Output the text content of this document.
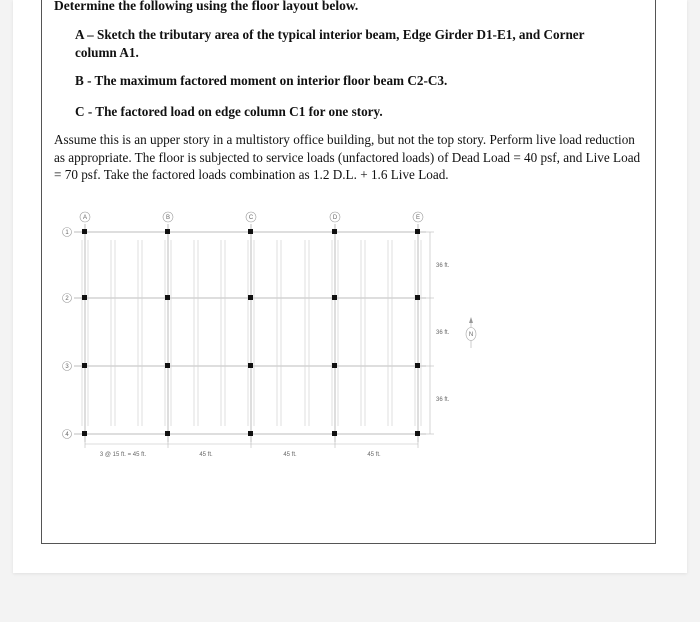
Determine the following using the floor layout below.
A – Sketch the tributary area of the typical interior beam, Edge Girder D1-E1, and Corner column A1.
B - The maximum factored moment on interior floor beam C2-C3.
C - The factored load on edge column C1 for one story.
Assume this is an upper story in a multistory office building, but not the top story. Perform live load reduction as appropriate. The floor is subjected to service loads (unfactored loads) of Dead Load = 40 psf, and Live Load = 70 psf. Take the factored loads combination as 1.2 D.L. + 1.6 Live Load.
A	B	C	D	E
1
2
3
4
36 ft.
36 ft.
36 ft.
N
3 @ 15 ft. = 45 ft.	45 ft.	45 ft.	45 ft.
